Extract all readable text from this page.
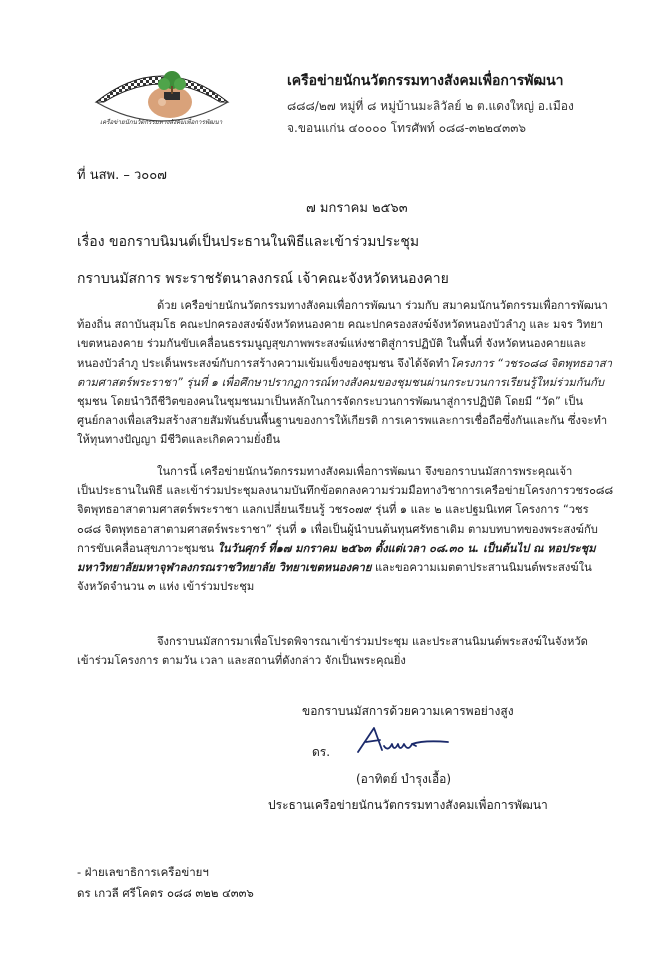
เครือข่ายนักนวัตกรรมทางสังคมเพื่อการพัฒนา
เครือข่ายนักนวัตกรรมทางสังคมเพื่อการพัฒนา
๘๘๘/๒๗ หมู่ที่ ๘ หมู่บ้านมะลิวัลย์ ๒ ต.แดงใหญ่ อ.เมือง
จ.ขอนแก่น ๔๐๐๐๐ โทรศัพท์ ๐๘๘-๓๒๒๔๓๓๖
ที่ นสพ. – ว๐๐๗
๗ มกราคม ๒๕๖๓
เรื่อง ขอกราบนิมนต์เป็นประธานในพิธีและเข้าร่วมประชุม
กราบนมัสการ พระราชรัตนาลงกรณ์ เจ้าคณะจังหวัดหนองคาย
ด้วย เครือข่ายนักนวัตกรรมทางสังคมเพื่อการพัฒนา ร่วมกับ สมาคมนักนวัตกรรมเพื่อการพัฒนา
ท้องถิ่น สถาบันสุมโธ คณะปกครองสงฆ์จังหวัดหนองคาย คณะปกครองสงฆ์จังหวัดหนองบัวลำภู และ มจร วิทยา
เขตหนองคาย ร่วมกันขับเคลื่อนธรรมนูญสุขภาพพระสงฆ์แห่งชาติสู่การปฏิบัติ ในพื้นที่ จังหวัดหนองคายและ
หนองบัวลำภู ประเด็นพระสงฆ์กับการสร้างความเข้มแข็งของชุมชน จึงได้จัดทำโครงการ “วชร๐๘๘ จิตพุทธอาสา
ตามศาสตร์พระราชา” รุ่นที่ ๑ เพื่อศึกษาปรากฏการณ์ทางสังคมของชุมชนผ่านกระบวนการเรียนรู้ใหม่ร่วมกันกับ
ชุมชน โดยนำวิถีชีวิตของคนในชุมชนมาเป็นหลักในการจัดกระบวนการพัฒนาสู่การปฏิบัติ โดยมี “วัด” เป็น
ศูนย์กลางเพื่อเสริมสร้างสายสัมพันธ์บนพื้นฐานของการให้เกียรติ การเคารพและการเชื่อถือซึ่งกันและกัน ซึ่งจะทำ
ให้ทุนทางปัญญา มีชีวิตและเกิดความยั่งยืน
ในการนี้ เครือข่ายนักนวัตกรรมทางสังคมเพื่อการพัฒนา จึงขอกราบนมัสการพระคุณเจ้า
เป็นประธานในพิธี และเข้าร่วมประชุมลงนามบันทึกข้อตกลงความร่วมมือทางวิชาการเครือข่ายโครงการวชร๐๘๘
จิตพุทธอาสาตามศาสตร์พระราชา แลกเปลี่ยนเรียนรู้ วชร๐๗๙ รุ่นที่ ๑ และ ๒ และปฐมนิเทศ โครงการ “วชร
๐๘๘ จิตพุทธอาสาตามศาสตร์พระราชา” รุ่นที่ ๑ เพื่อเป็นผู้นำบนต้นทุนศรัทธาเดิม ตามบทบาทของพระสงฆ์กับ
การขับเคลื่อนสุขภาวะชุมชน ในวันศุกร์ ที่๑๗ มกราคม ๒๕๖๓ ตั้งแต่เวลา ๐๘.๓๐ น. เป็นต้นไป ณ หอประชุม
มหาวิทยาลัยมหาจุฬาลงกรณราชวิทยาลัย วิทยาเขตหนองคาย และขอความเมตตาประสานนิมนต์พระสงฆ์ใน
จังหวัดจำนวน ๓ แห่ง เข้าร่วมประชุม
จึงกราบนมัสการมาเพื่อโปรดพิจารณาเข้าร่วมประชุม และประสานนิมนต์พระสงฆ์ในจังหวัด
เข้าร่วมโครงการ ตามวัน เวลา และสถานที่ดังกล่าว จักเป็นพระคุณยิ่ง
ขอกราบนมัสการด้วยความเคารพอย่างสูง
ดร.
(อาทิตย์ บำรุงเอื้อ)
ประธานเครือข่ายนักนวัตกรรมทางสังคมเพื่อการพัฒนา
- ฝ่ายเลขาธิการเครือข่ายฯ
ดร เกวลี ศรีโคตร ๐๘๘ ๓๒๒ ๔๓๓๖
